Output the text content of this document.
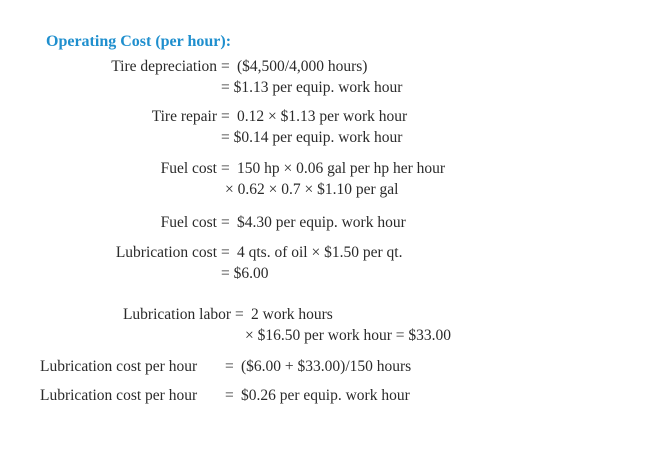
Operating Cost (per hour):
Tire depreciation = ($4,500/4,000 hours)
= $1.13 per equip. work hour
Tire repair = 0.12 × $1.13 per work hour
= $0.14 per equip. work hour
Fuel cost = 150 hp × 0.06 gal per hp her hour
× 0.62 × 0.7 × $1.10 per gal
Fuel cost = $4.30 per equip. work hour
Lubrication cost = 4 qts. of oil × $1.50 per qt.
= $6.00
Lubrication labor = 2 work hours
× $16.50 per work hour = $33.00
Lubrication cost per hour = ($6.00 + $33.00)/150 hours
Lubrication cost per hour = $0.26 per equip. work hour
